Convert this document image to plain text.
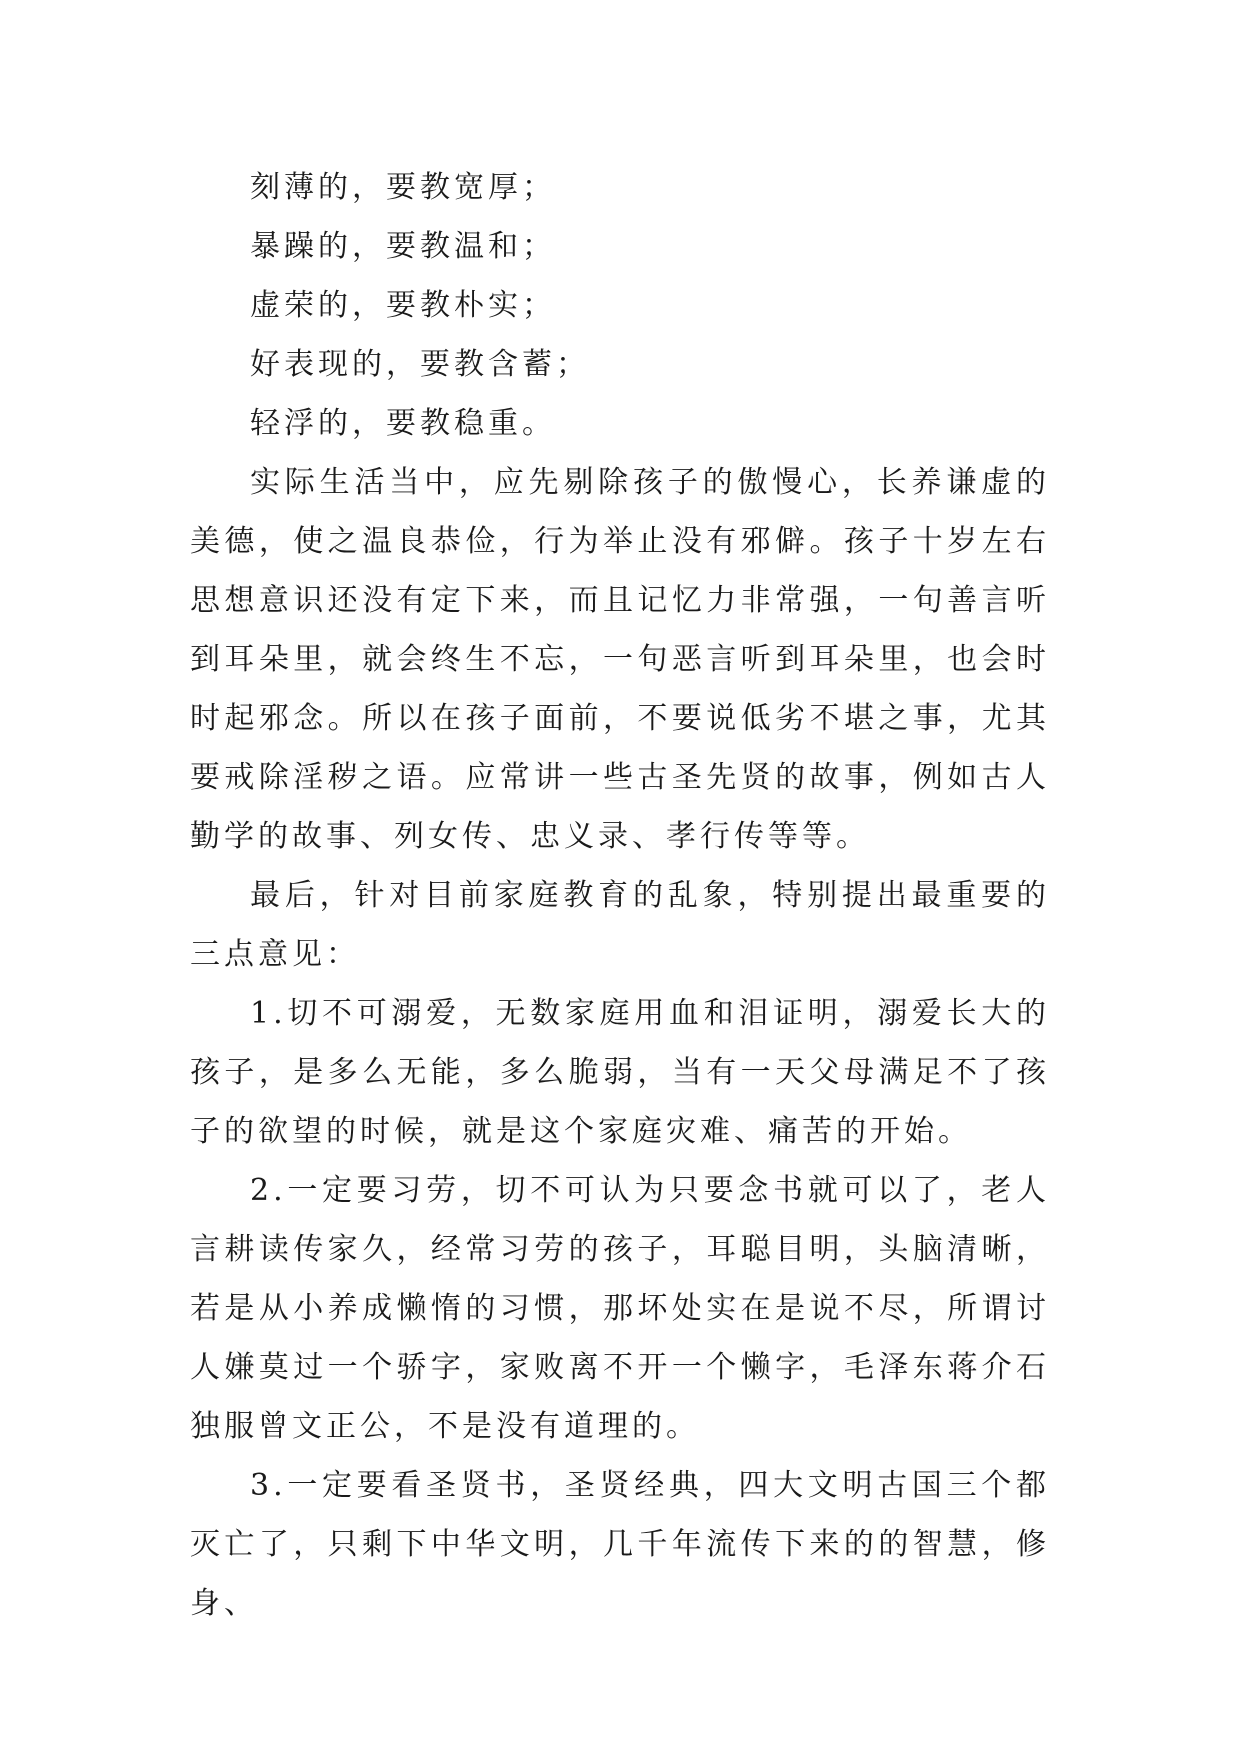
刻薄的，要教宽厚；

暴躁的，要教温和；

虚荣的，要教朴实；

好表现的，要教含蓄；

轻浮的，要教稳重。

实际生活当中，应先剔除孩子的傲慢心，长养谦虚的美德，使之温良恭俭，行为举止没有邪僻。孩子十岁左右思想意识还没有定下来，而且记忆力非常强，一句善言听到耳朵里，就会终生不忘，一句恶言听到耳朵里，也会时时起邪念。所以在孩子面前，不要说低劣不堪之事，尤其要戒除淫秽之语。应常讲一些古圣先贤的故事，例如古人勤学的故事、列女传、忠义录、孝行传等等。

最后，针对目前家庭教育的乱象，特别提出最重要的三点意见：

1.切不可溺爱，无数家庭用血和泪证明，溺爱长大的孩子，是多么无能，多么脆弱，当有一天父母满足不了孩子的欲望的时候，就是这个家庭灾难、痛苦的开始。

2.一定要习劳，切不可认为只要念书就可以了，老人言耕读传家久，经常习劳的孩子，耳聪目明，头脑清晰，若是从小养成懒惰的习惯，那坏处实在是说不尽，所谓讨人嫌莫过一个骄字，家败离不开一个懒字，毛泽东蒋介石独服曾文正公，不是没有道理的。

3.一定要看圣贤书，圣贤经典，四大文明古国三个都灭亡了，只剩下中华文明，几千年流传下来的的智慧，修身、
